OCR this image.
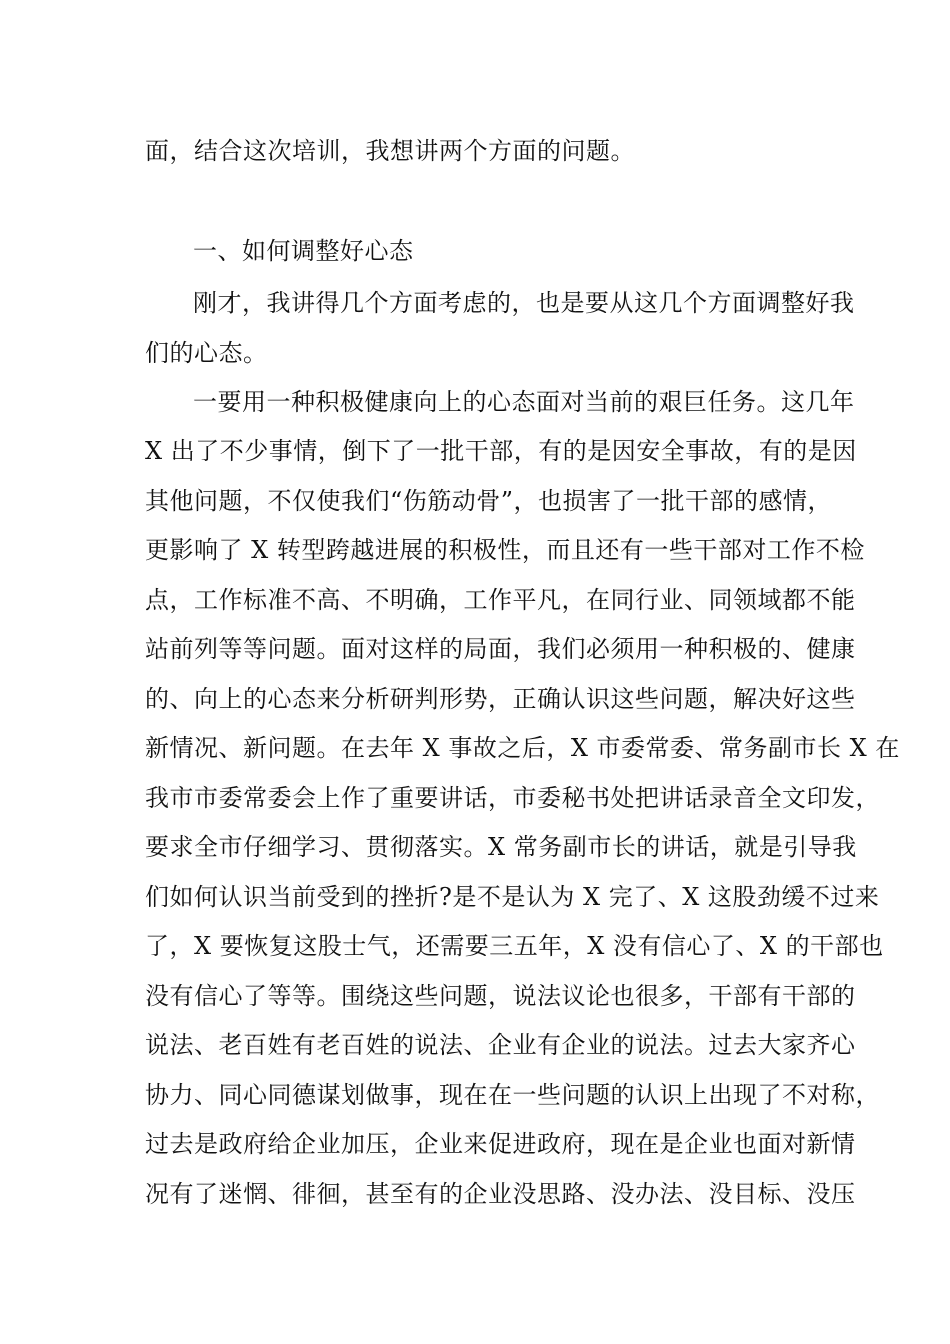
面，结合这次培训，我想讲两个方面的问题。
一、如何调整好心态
刚才，我讲得几个方面考虑的，也是要从这几个方面调整好我
们的心态。
一要用一种积极健康向上的心态面对当前的艰巨任务。这几年
X 出了不少事情，倒下了一批干部，有的是因安全事故，有的是因
其他问题，不仅使我们“伤筋动骨”，也损害了一批干部的感情，
更影响了 X 转型跨越进展的积极性，而且还有一些干部对工作不检
点，工作标准不高、不明确，工作平凡，在同行业、同领域都不能
站前列等等问题。面对这样的局面，我们必须用一种积极的、健康
的、向上的心态来分析研判形势，正确认识这些问题，解决好这些
新情况、新问题。在去年 X 事故之后，X 市委常委、常务副市长 X 在
我市市委常委会上作了重要讲话，市委秘书处把讲话录音全文印发，
要求全市仔细学习、贯彻落实。X 常务副市长的讲话，就是引导我
们如何认识当前受到的挫折?是不是认为 X 完了、X 这股劲缓不过来
了，X 要恢复这股士气，还需要三五年，X 没有信心了、X 的干部也
没有信心了等等。围绕这些问题，说法议论也很多，干部有干部的
说法、老百姓有老百姓的说法、企业有企业的说法。过去大家齐心
协力、同心同德谋划做事，现在在一些问题的认识上出现了不对称，
过去是政府给企业加压，企业来促进政府，现在是企业也面对新情
况有了迷惘、徘徊，甚至有的企业没思路、没办法、没目标、没压
